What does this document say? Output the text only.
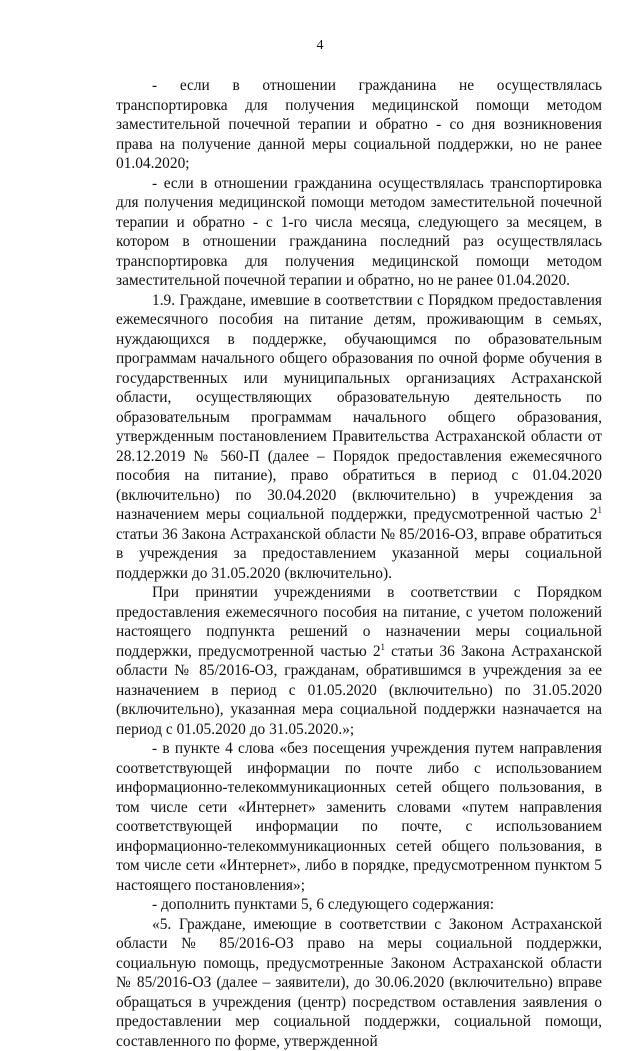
4

- если в отношении гражданина не осуществлялась транспортировка для получения медицинской помощи методом заместительной почечной терапии и обратно - со дня возникновения права на получение данной меры социальной поддержки, но не ранее 01.04.2020;

- если в отношении гражданина осуществлялась транспортировка для получения медицинской помощи методом заместительной почечной терапии и обратно - с 1-го числа месяца, следующего за месяцем, в котором в отношении гражданина последний раз осуществлялась транспортировка для получения медицинской помощи методом заместительной почечной терапии и обратно, но не ранее 01.04.2020.

1.9. Граждане, имевшие в соответствии с Порядком предоставления ежемесячного пособия на питание детям, проживающим в семьях, нуждающихся в поддержке, обучающимся по образовательным программам начального общего образования по очной форме обучения в государственных или муниципальных организациях Астраханской области, осуществляющих образовательную деятельность по образовательным программам начального общего образования, утвержденным постановлением Правительства Астраханской области от 28.12.2019 № 560-П (далее – Порядок предоставления ежемесячного пособия на питание), право обратиться в период с 01.04.2020 (включительно) по 30.04.2020 (включительно) в учреждения за назначением меры социальной поддержки, предусмотренной частью $2^1$ статьи 36 Закона Астраханской области № 85/2016-ОЗ, вправе обратиться в учреждения за предоставлением указанной меры социальной поддержки до 31.05.2020 (включительно).

При принятии учреждениями в соответствии с Порядком предоставления ежемесячного пособия на питание, с учетом положений настоящего подпункта решений о назначении меры социальной поддержки, предусмотренной частью $2^1$ статьи 36 Закона Астраханской области № 85/2016-ОЗ, гражданам, обратившимся в учреждения за ее назначением в период с 01.05.2020 (включительно) по 31.05.2020 (включительно), указанная мера социальной поддержки назначается на период с 01.05.2020 до 31.05.2020.»;

- в пункте 4 слова «без посещения учреждения путем направления соответствующей информации по почте либо с использованием информационно-телекоммуникационных сетей общего пользования, в том числе сети «Интернет» заменить словами «путем направления соответствующей информации по почте, с использованием информационно-телекоммуникационных сетей общего пользования, в том числе сети «Интернет», либо в порядке, предусмотренном пунктом 5 настоящего постановления»;

- дополнить пунктами 5, 6 следующего содержания:

«5. Граждане, имеющие в соответствии с Законом Астраханской области № 85/2016-ОЗ право на меры социальной поддержки, социальную помощь, предусмотренные Законом Астраханской области № 85/2016-ОЗ (далее – заявители), до 30.06.2020 (включительно) вправе обращаться в учреждения (центр) посредством оставления заявления о предоставлении мер социальной поддержки, социальной помощи, составленного по форме, утвержденной
